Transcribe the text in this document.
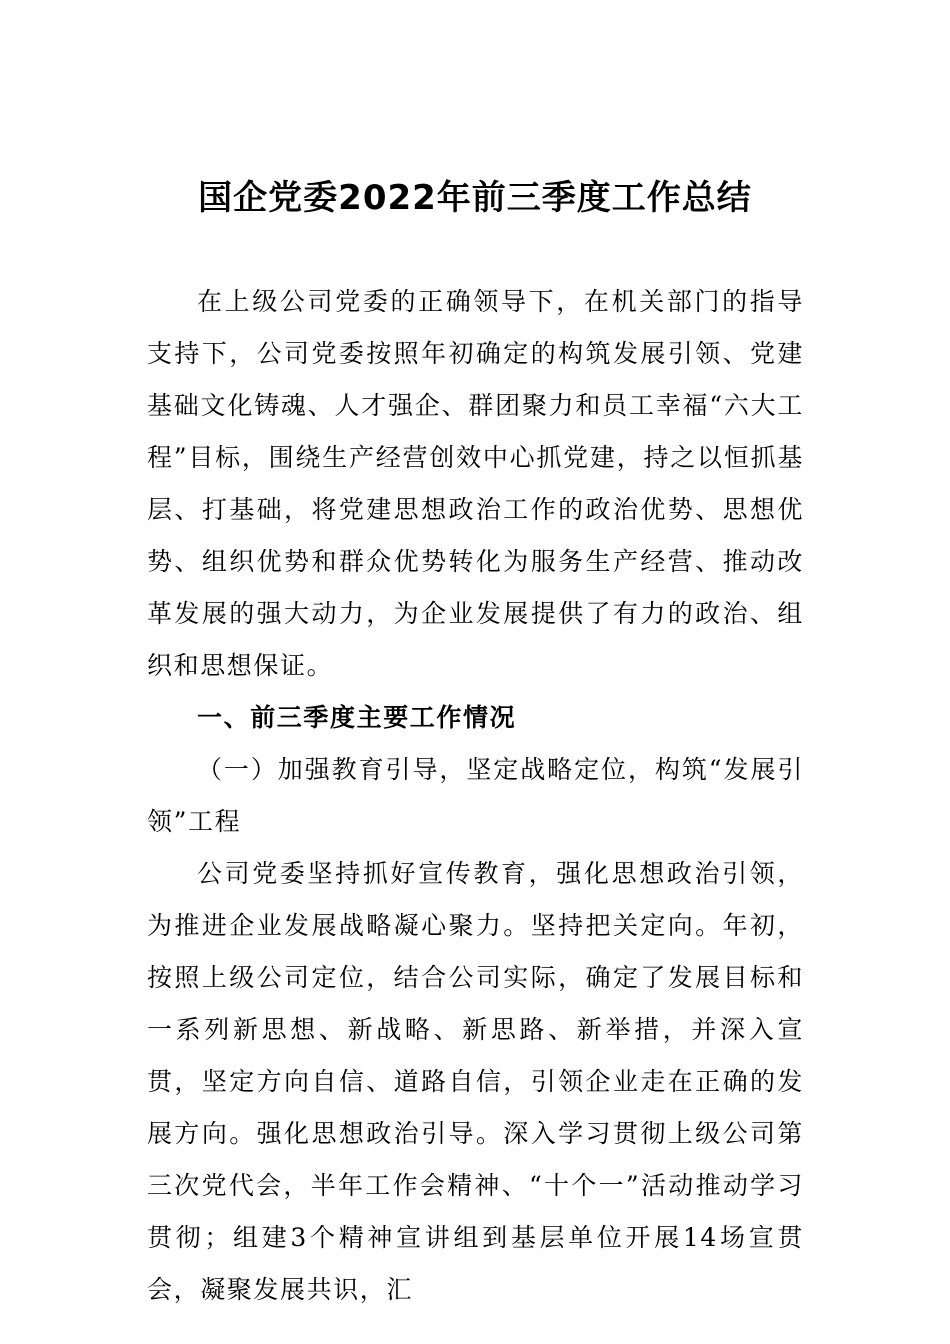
国企党委2022年前三季度工作总结

在上级公司党委的正确领导下，在机关部门的指导支持下，公司党委按照年初确定的构筑发展引领、党建基础文化铸魂、人才强企、群团聚力和员工幸福“六大工程”目标，围绕生产经营创效中心抓党建，持之以恒抓基层、打基础，将党建思想政治工作的政治优势、思想优势、组织优势和群众优势转化为服务生产经营、推动改革发展的强大动力，为企业发展提供了有力的政治、组织和思想保证。

一、前三季度主要工作情况

（一）加强教育引导，坚定战略定位，构筑“发展引领”工程

公司党委坚持抓好宣传教育，强化思想政治引领，为推进企业发展战略凝心聚力。坚持把关定向。年初，按照上级公司定位，结合公司实际，确定了发展目标和一系列新思想、新战略、新思路、新举措，并深入宣贯，坚定方向自信、道路自信，引领企业走在正确的发展方向。强化思想政治引导。深入学习贯彻上级公司第三次党代会，半年工作会精神、“十个一”活动推动学习贯彻；组建3个精神宣讲组到基层单位开展14场宣贯会，凝聚发展共识，汇
